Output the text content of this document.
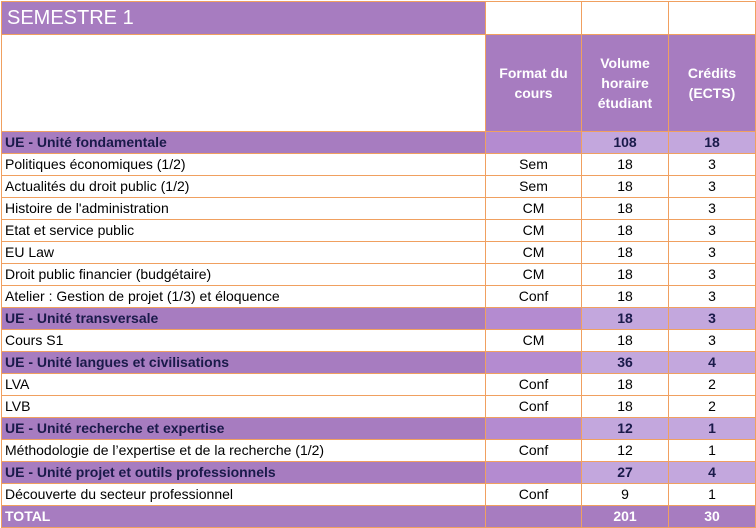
SEMESTRE 1			
	Format du cours	Volume horaire étudiant	Crédits (ECTS)
UE - Unité fondamentale		108	18
Politiques économiques (1/2)	Sem	18	3
Actualités du droit public (1/2)	Sem	18	3
Histoire de l'administration	CM	18	3
Etat et service public	CM	18	3
EU Law	CM	18	3
Droit public financier (budgétaire)	CM	18	3
Atelier : Gestion de projet (1/3) et éloquence	Conf	18	3
UE - Unité transversale		18	3
Cours S1	CM	18	3
UE - Unité langues et civilisations		36	4
LVA	Conf	18	2
LVB	Conf	18	2
UE - Unité recherche et expertise		12	1
Méthodologie de l’expertise et de la recherche (1/2)	Conf	12	1
UE - Unité projet et outils professionnels		27	4
Découverte du secteur professionnel	Conf	9	1
TOTAL		201	30
